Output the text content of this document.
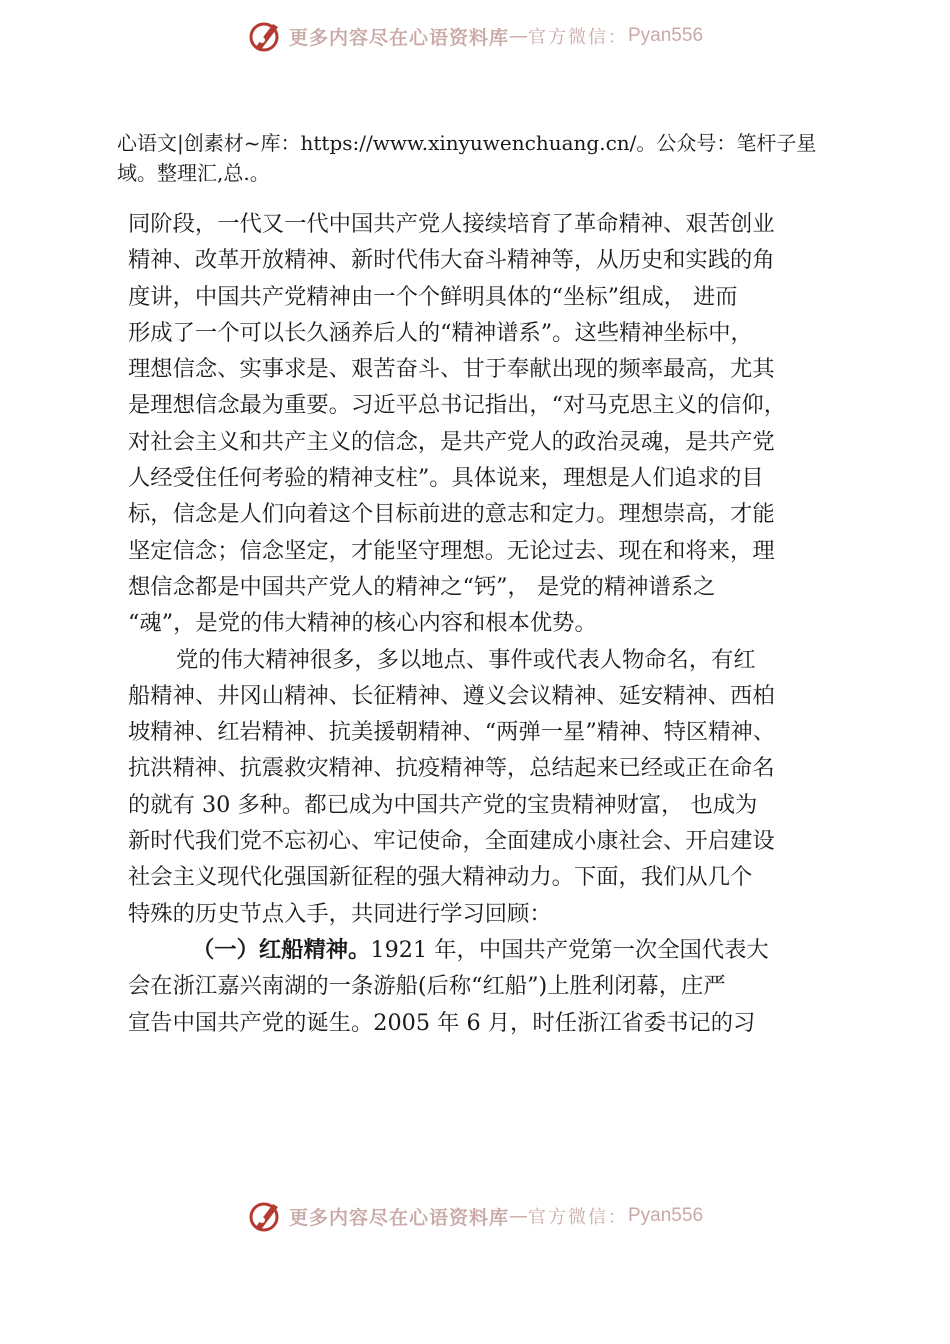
更多内容尽在心语资料库 — 官方微信： Pyan556

心语文|创素材~库：https://www.xinyuwenchuang.cn/。公众号：笔杆子星域。整理汇,总.。

同阶段，一代又一代中国共产党人接续培育了革命精神、艰苦创业

精神、改革开放精神、新时代伟大奋斗精神等，从历史和实践的角

度讲，中国共产党精神由一个个鲜明具体的“坐标”组成， 进而

形成了一个可以长久涵养后人的“精神谱系”。这些精神坐标中，

理想信念、实事求是、艰苦奋斗、甘于奉献出现的频率最高，尤其

是理想信念最为重要。习近平总书记指出，“对马克思主义的信仰，

对社会主义和共产主义的信念，是共产党人的政治灵魂，是共产党

人经受住任何考验的精神支柱”。具体说来，理想是人们追求的目

标，信念是人们向着这个目标前进的意志和定力。理想崇高，才能

坚定信念；信念坚定，才能坚守理想。无论过去、现在和将来，理

想信念都是中国共产党人的精神之“钙”， 是党的精神谱系之

“魂”，是党的伟大精神的核心内容和根本优势。

党的伟大精神很多，多以地点、事件或代表人物命名，有红

船精神、井冈山精神、长征精神、遵义会议精神、延安精神、西柏

坡精神、红岩精神、抗美援朝精神、“两弹一星”精神、特区精神、

抗洪精神、抗震救灾精神、抗疫精神等，总结起来已经或正在命名

的就有 30 多种。都已成为中国共产党的宝贵精神财富， 也成为

新时代我们党不忘初心、牢记使命，全面建成小康社会、开启建设

社会主义现代化强国新征程的强大精神动力。下面，我们从几个

特殊的历史节点入手，共同进行学习回顾：

（一）红船精神。1921 年，中国共产党第一次全国代表大

会在浙江嘉兴南湖的一条游船(后称“红船”)上胜利闭幕，庄严

宣告中国共产党的诞生。2005 年 6 月，时任浙江省委书记的习

更多内容尽在心语资料库 — 官方微信： Pyan556
